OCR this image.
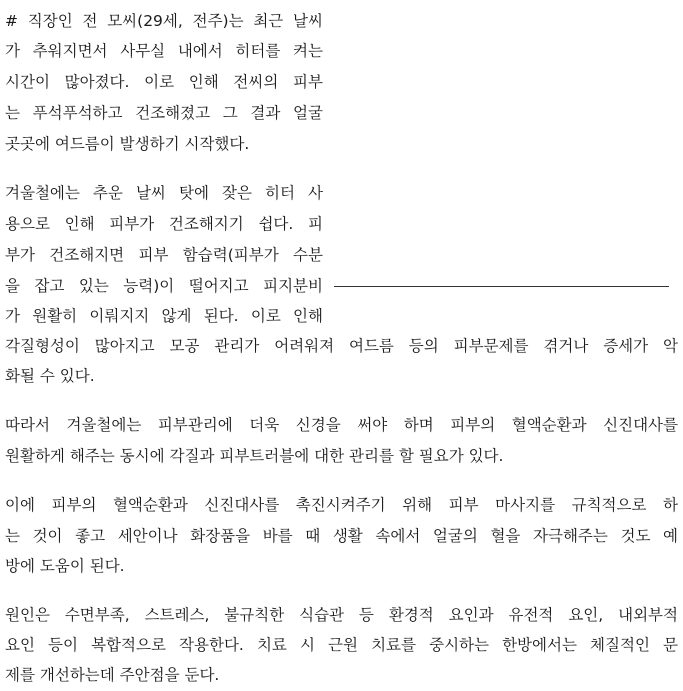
# 직장인 전 모씨(29세, 전주)는 최근 날씨
가 추워지면서 사무실 내에서 히터를 켜는
시간이 많아졌다. 이로 인해 전씨의 피부
는 푸석푸석하고 건조해졌고 그 결과 얼굴
곳곳에 여드름이 발생하기 시작했다.
겨울철에는 추운 날씨 탓에 잦은 히터 사
용으로 인해 피부가 건조해지기 쉽다. 피
부가 건조해지면 피부 함습력(피부가 수분
을 잡고 있는 능력)이 떨어지고 피지분비
가 원활히 이뤄지지 않게 된다. 이로 인해
각질형성이 많아지고 모공 관리가 어려워져 여드름 등의 피부문제를 겪거나 증세가 악
화될 수 있다.
따라서 겨울철에는 피부관리에 더욱 신경을 써야 하며 피부의 혈액순환과 신진대사를
원활하게 해주는 동시에 각질과 피부트러블에 대한 관리를 할 필요가 있다.
이에 피부의 혈액순환과 신진대사를 촉진시켜주기 위해 피부 마사지를 규칙적으로 하
는 것이 좋고 세안이나 화장품을 바를 때 생활 속에서 얼굴의 혈을 자극해주는 것도 예
방에 도움이 된다.
원인은 수면부족, 스트레스, 불규칙한 식습관 등 환경적 요인과 유전적 요인, 내외부적
요인 등이 복합적으로 작용한다. 치료 시 근원 치료를 중시하는 한방에서는 체질적인 문
제를 개선하는데 주안점을 둔다.
